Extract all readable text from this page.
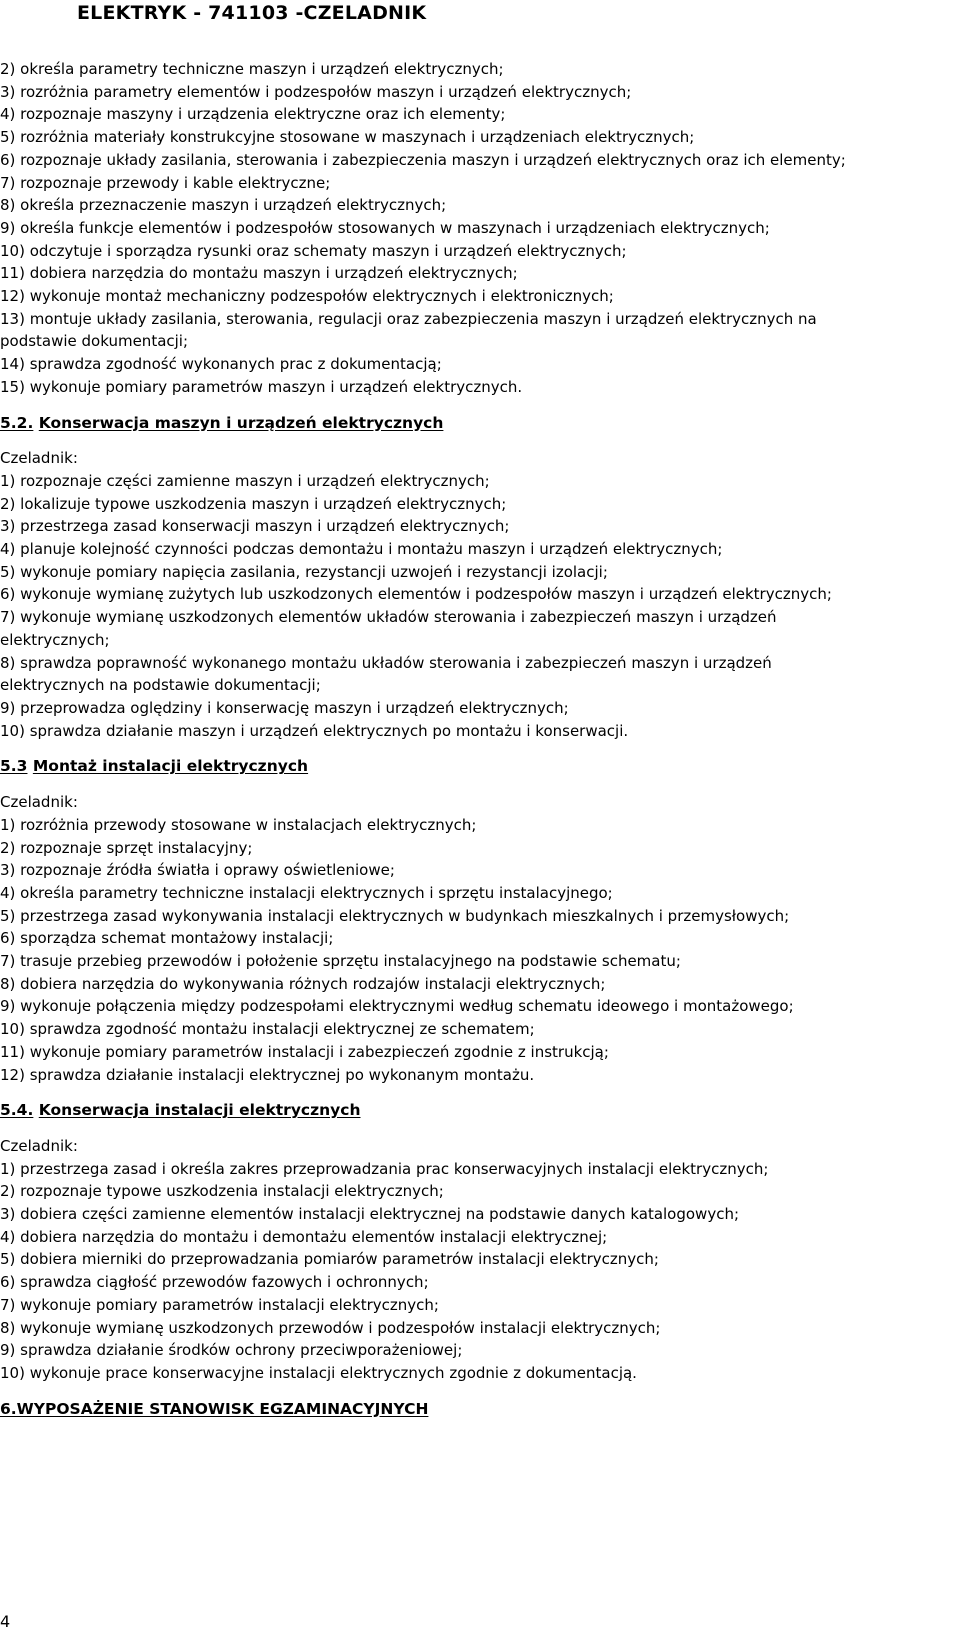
ELEKTRYK - 741103 -CZELADNIK
2) określa parametry techniczne maszyn i urządzeń elektrycznych;
3) rozróżnia parametry elementów i podzespołów maszyn i urządzeń elektrycznych;
4) rozpoznaje maszyny i urządzenia elektryczne oraz ich elementy;
5) rozróżnia materiały konstrukcyjne stosowane w maszynach i urządzeniach elektrycznych;
6) rozpoznaje układy zasilania, sterowania i zabezpieczenia maszyn i urządzeń elektrycznych oraz ich elementy;
7) rozpoznaje przewody i kable elektryczne;
8) określa przeznaczenie maszyn i urządzeń elektrycznych;
9) określa funkcje elementów i podzespołów stosowanych w maszynach i urządzeniach elektrycznych;
10) odczytuje i sporządza rysunki oraz schematy maszyn i urządzeń elektrycznych;
11) dobiera narzędzia do montażu maszyn i urządzeń elektrycznych;
12) wykonuje montaż mechaniczny podzespołów elektrycznych i elektronicznych;
13) montuje układy zasilania, sterowania, regulacji oraz zabezpieczenia maszyn i urządzeń elektrycznych na
podstawie dokumentacji;
14) sprawdza zgodność wykonanych prac z dokumentacją;
15) wykonuje pomiary parametrów maszyn i urządzeń elektrycznych.
5.2. Konserwacja maszyn i urządzeń elektrycznych
Czeladnik:
1) rozpoznaje części zamienne maszyn i urządzeń elektrycznych;
2) lokalizuje typowe uszkodzenia maszyn i urządzeń elektrycznych;
3) przestrzega zasad konserwacji maszyn i urządzeń elektrycznych;
4) planuje kolejność czynności podczas demontażu i montażu maszyn i urządzeń elektrycznych;
5) wykonuje pomiary napięcia zasilania, rezystancji uzwojeń i rezystancji izolacji;
6) wykonuje wymianę zużytych lub uszkodzonych elementów i podzespołów maszyn i urządzeń elektrycznych;
7) wykonuje wymianę uszkodzonych elementów układów sterowania i zabezpieczeń maszyn i urządzeń
elektrycznych;
8) sprawdza poprawność wykonanego montażu układów sterowania i zabezpieczeń maszyn i urządzeń
elektrycznych na podstawie dokumentacji;
9) przeprowadza oględziny i konserwację maszyn i urządzeń elektrycznych;
10) sprawdza działanie maszyn i urządzeń elektrycznych po montażu i konserwacji.
5.3 Montaż instalacji elektrycznych
Czeladnik:
1) rozróżnia przewody stosowane w instalacjach elektrycznych;
2) rozpoznaje sprzęt instalacyjny;
3) rozpoznaje źródła światła i oprawy oświetleniowe;
4) określa parametry techniczne instalacji elektrycznych i sprzętu instalacyjnego;
5) przestrzega zasad wykonywania instalacji elektrycznych w budynkach mieszkalnych i przemysłowych;
6) sporządza schemat montażowy instalacji;
7) trasuje przebieg przewodów i położenie sprzętu instalacyjnego na podstawie schematu;
8) dobiera narzędzia do wykonywania różnych rodzajów instalacji elektrycznych;
9) wykonuje połączenia między podzespołami elektrycznymi według schematu ideowego i montażowego;
10) sprawdza zgodność montażu instalacji elektrycznej ze schematem;
11) wykonuje pomiary parametrów instalacji i zabezpieczeń zgodnie z instrukcją;
12) sprawdza działanie instalacji elektrycznej po wykonanym montażu.
5.4. Konserwacja instalacji elektrycznych
Czeladnik:
1) przestrzega zasad i określa zakres przeprowadzania prac konserwacyjnych instalacji elektrycznych;
2) rozpoznaje typowe uszkodzenia instalacji elektrycznych;
3) dobiera części zamienne elementów instalacji elektrycznej na podstawie danych katalogowych;
4) dobiera narzędzia do montażu i demontażu elementów instalacji elektrycznej;
5) dobiera mierniki do przeprowadzania pomiarów parametrów instalacji elektrycznych;
6) sprawdza ciągłość przewodów fazowych i ochronnych;
7) wykonuje pomiary parametrów instalacji elektrycznych;
8) wykonuje wymianę uszkodzonych przewodów i podzespołów instalacji elektrycznych;
9) sprawdza działanie środków ochrony przeciwporażeniowej;
10) wykonuje prace konserwacyjne instalacji elektrycznych zgodnie z dokumentacją.
6.WYPOSAŻENIE STANOWISK EGZAMINACYJNYCH
4
